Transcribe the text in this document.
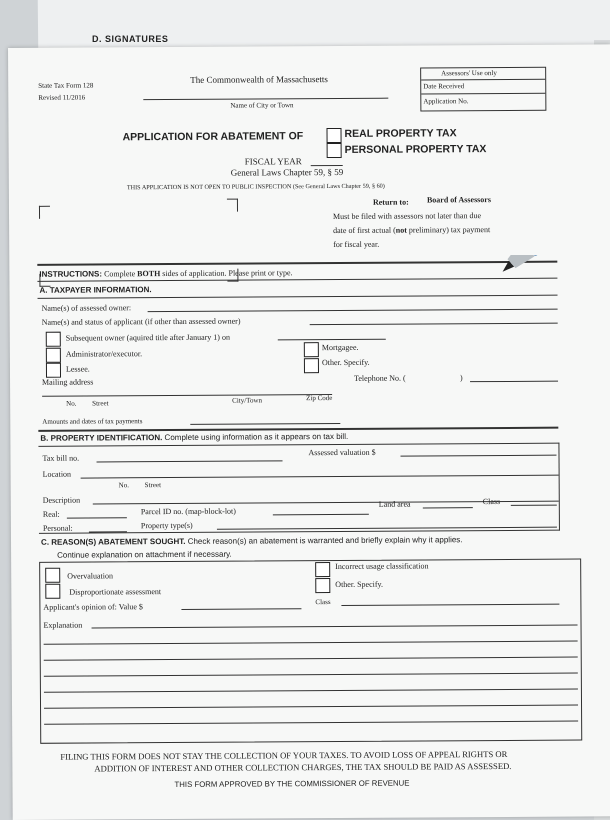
D. SIGNATURES
State Tax Form 128
Revised 11/2016
The Commonwealth of Massachusetts
Name of City or Town
Assessors' Use only
Date Received
Application No.
APPLICATION FOR ABATEMENT OF	REAL PROPERTY TAX
PERSONAL PROPERTY TAX
FISCAL YEAR
General Laws Chapter 59, § 59
THIS APPLICATION IS NOT OPEN TO PUBLIC INSPECTION (See General Laws Chapter 59, § 60)
Return to: Board of Assessors
Must be filed with assessors not later than due
date of first actual (not preliminary) tax payment
for fiscal year.
INSTRUCTIONS: Complete BOTH sides of application. Please print or type.
A. TAXPAYER INFORMATION.
Name(s) of assessed owner:
Name(s) and status of applicant (if other than assessed owner)
Subsequent owner (aquired title after January 1) on
Administrator/executor.
Mortgagee.
Lessee.
Other. Specify.
Mailing address	Telephone No. (	)
No. Street	City/Town	Zip Code
Amounts and dates of tax payments
B. PROPERTY IDENTIFICATION. Complete using information as it appears on tax bill.
Tax bill no.
Assessed valuation $
Location
No. Street
Description
Real:	Parcel ID no. (map-block-lot)
Land area	Class
Personal:	Property type(s)
C. REASON(S) ABATEMENT SOUGHT. Check reason(s) an abatement is warranted and briefly explain why it applies.
Continue explanation on attachment if necessary.
Overvaluation
Incorrect usage classification
Disproportionate assessment
Other. Specify.
Applicant's opinion of: Value $
Class
Explanation
FILING THIS FORM DOES NOT STAY THE COLLECTION OF YOUR TAXES. TO AVOID LOSS OF APPEAL RIGHTS OR
ADDITION OF INTEREST AND OTHER COLLECTION CHARGES, THE TAX SHOULD BE PAID AS ASSESSED.
THIS FORM APPROVED BY THE COMMISSIONER OF REVENUE
